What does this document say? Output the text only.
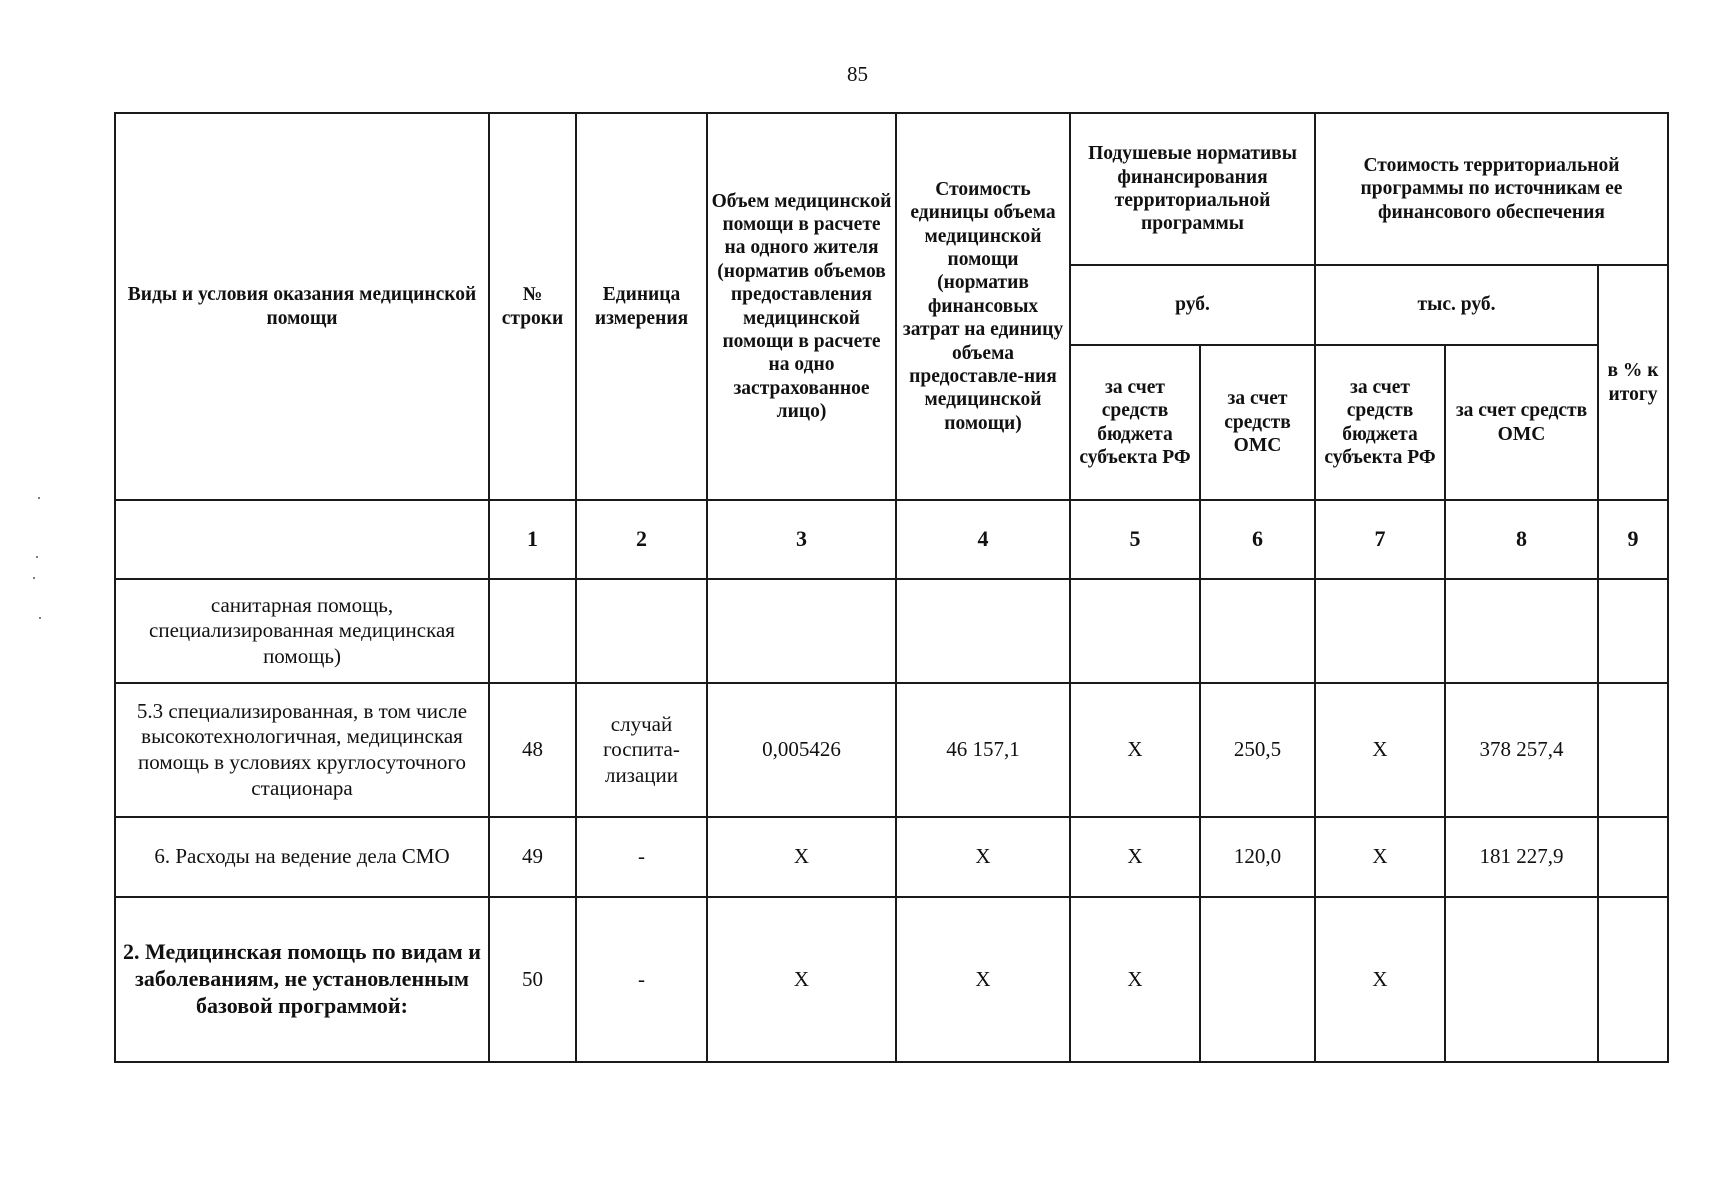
85
Виды и условия оказания медицинской помощи	№ строки	Единица измерения	Объем медицинской помощи в расчете на одного жителя (норматив объемов предоставления медицинской помощи в расчете на одно застрахованное лицо)	Стоимость единицы объема медицинской помощи (норматив финансовых затрат на единицу объема предоставле-ния медицинской помощи)	Подушевые нормативы финансирования территориальной программы		Стоимость территориальной программы по источникам ее финансового обеспечения		
					руб.		тыс. руб.		в % к итогу
					за счет средств бюджета субъекта РФ	за счет средств ОМС	за счет средств бюджета субъекта РФ	за счет средств ОМС	
	1	2	3	4	5	6	7	8	9
санитарная помощь, специализированная медицинская помощь)									
5.3 специализированная, в том числе высокотехнологичная, медицинская помощь в условиях круглосуточного стационара	48	случай госпита-лизации	0,005426	46 157,1	Х	250,5	Х	378 257,4	
6. Расходы на ведение дела СМО	49	-	Х	Х	Х	120,0	Х	181 227,9	
2. Медицинская помощь по видам и заболеваниям, не установленным базовой программой:	50	-	Х	Х	Х		Х		
